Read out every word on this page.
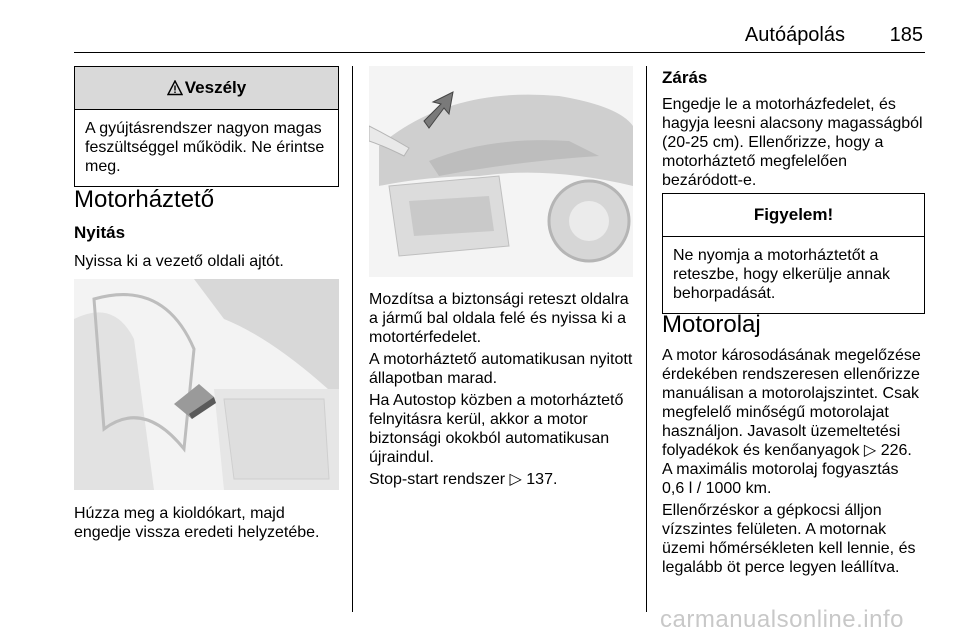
Autóápolás 185
Veszély
A gyújtásrendszer nagyon magas feszültséggel működik. Ne érintse meg.
Motorháztető
Nyitás

Nyissa ki a vezető oldali ajtót.

Húzza meg a kioldókart, majd engedje vissza eredeti helyzetébe.

Mozdítsa a biztonsági reteszt oldalra a jármű bal oldala felé és nyissa ki a motortérfedelet.

A motorháztető automatikusan nyitott állapotban marad.

Ha Autostop közben a motorháztető felnyitásra kerül, akkor a motor biztonsági okokból automatikusan újraindul.

Stop-start rendszer ▷ 137.

Zárás

Engedje le a motorházfedelet, és hagyja leesni alacsony magasságból (20-25 cm). Ellenőrizze, hogy a motorháztető megfelelően bezáródott-e.

Figyelem!
Ne nyomja a motorháztetőt a reteszbe, hogy elkerülje annak behorpadását.
Motorolaj

A motor károsodásának megelőzése érdekében rendszeresen ellenőrizze manuálisan a motorolajszintet. Csak megfelelő minőségű motorolajat használjon. Javasolt üzemeltetési folyadékok és kenőanyagok ▷ 226.

A maximális motorolaj fogyasztás 0,6 l / 1000 km.

Ellenőrzéskor a gépkocsi álljon vízszintes felületen. A motornak üzemi hőmérsékleten kell lennie, és legalább öt perce legyen leállítva.

carmanualsonline.info
